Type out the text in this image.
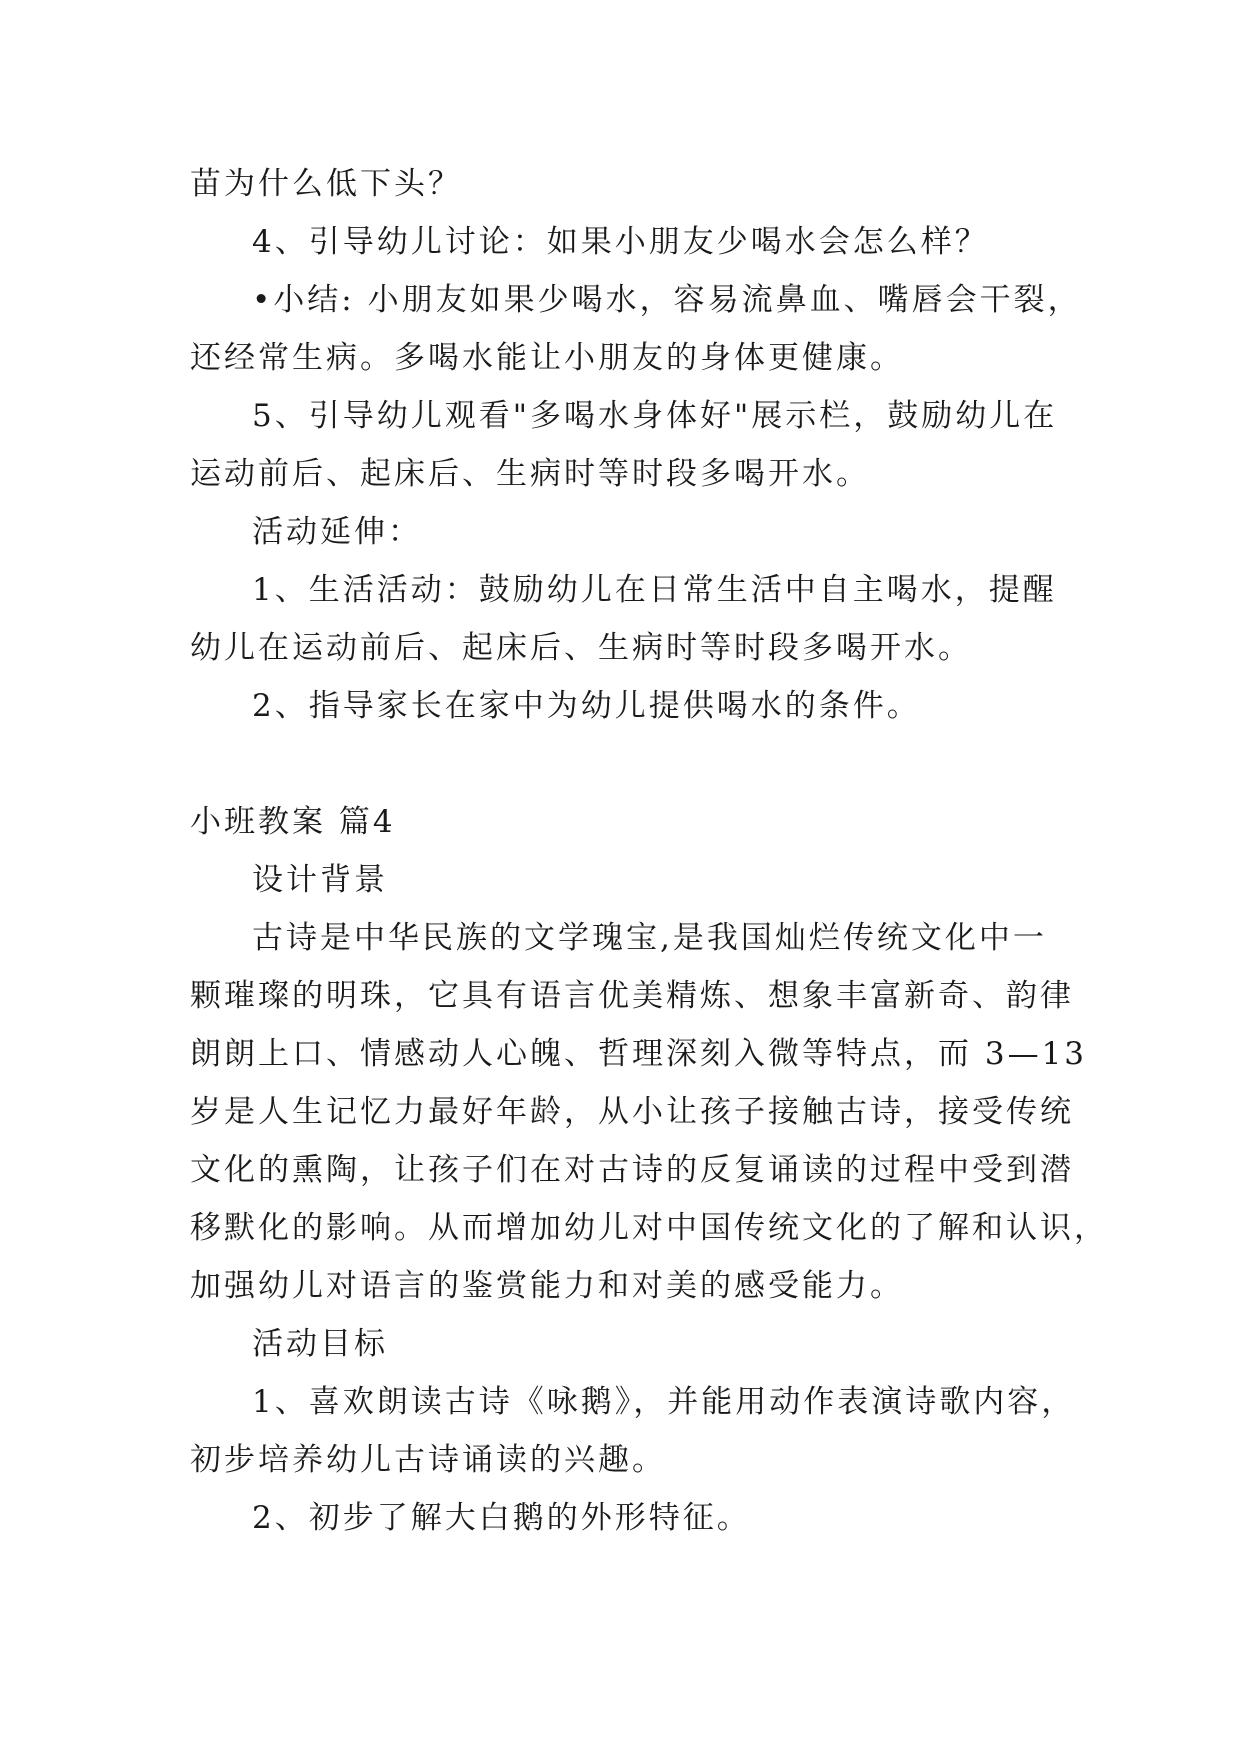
苗为什么低下头？
4、引导幼儿讨论：如果小朋友少喝水会怎么样？
•小结: 小朋友如果少喝水，容易流鼻血、嘴唇会干裂，
还经常生病。多喝水能让小朋友的身体更健康。
5、引导幼儿观看"多喝水身体好"展示栏，鼓励幼儿在
运动前后、起床后、生病时等时段多喝开水。
活动延伸：
1、生活活动：鼓励幼儿在日常生活中自主喝水，提醒
幼儿在运动前后、起床后、生病时等时段多喝开水。
2、指导家长在家中为幼儿提供喝水的条件。
小班教案 篇4
设计背景
古诗是中华民族的文学瑰宝,是我国灿烂传统文化中一
颗璀璨的明珠，它具有语言优美精炼、想象丰富新奇、韵律
朗朗上口、情感动人心魄、哲理深刻入微等特点，而 3—13
岁是人生记忆力最好年龄，从小让孩子接触古诗，接受传统
文化的熏陶，让孩子们在对古诗的反复诵读的过程中受到潜
移默化的影响。从而增加幼儿对中国传统文化的了解和认识，
加强幼儿对语言的鉴赏能力和对美的感受能力。
活动目标
1、喜欢朗读古诗《咏鹅》，并能用动作表演诗歌内容，
初步培养幼儿古诗诵读的兴趣。
2、初步了解大白鹅的外形特征。
